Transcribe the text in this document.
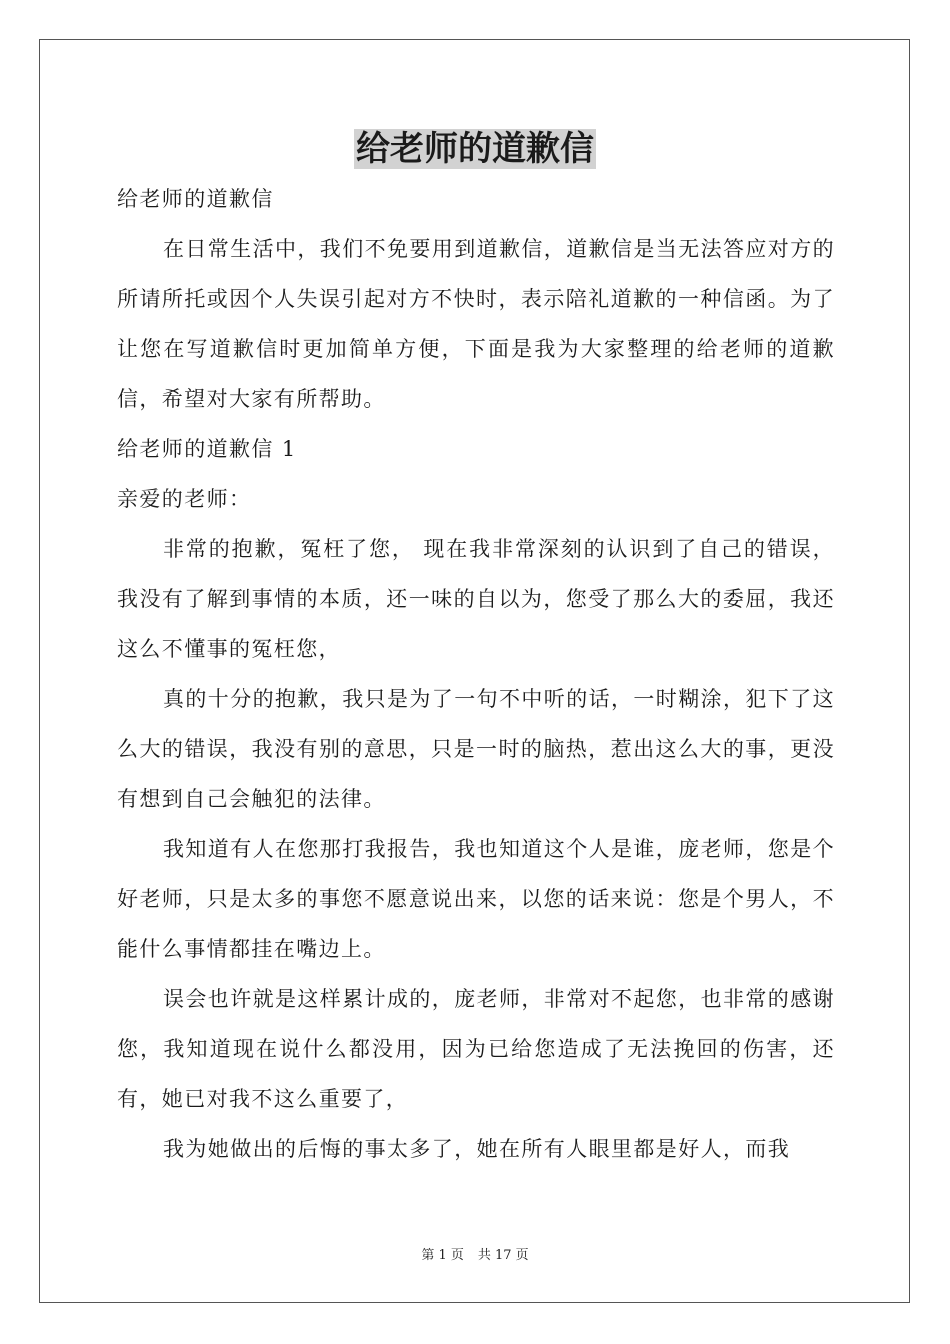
给老师的道歉信

给老师的道歉信

在日常生活中，我们不免要用到道歉信，道歉信是当无法答应对方的所请所托或因个人失误引起对方不快时，表示陪礼道歉的一种信函。为了让您在写道歉信时更加简单方便，下面是我为大家整理的给老师的道歉信，希望对大家有所帮助。

给老师的道歉信 1

亲爱的老师：

非常的抱歉，冤枉了您， 现在我非常深刻的认识到了自己的错误，我没有了解到事情的本质，还一味的自以为，您受了那么大的委屈，我还这么不懂事的冤枉您，

真的十分的抱歉，我只是为了一句不中听的话，一时糊涂，犯下了这么大的错误，我没有别的意思，只是一时的脑热，惹出这么大的事，更没有想到自己会触犯的法律。

我知道有人在您那打我报告，我也知道这个人是谁，庞老师，您是个好老师，只是太多的事您不愿意说出来，以您的话来说：您是个男人，不能什么事情都挂在嘴边上。

误会也许就是这样累计成的，庞老师，非常对不起您，也非常的感谢您，我知道现在说什么都没用，因为已给您造成了无法挽回的伤害，还有，她已对我不这么重要了，

我为她做出的后悔的事太多了，她在所有人眼里都是好人，而我

第 1 页 共 17 页
